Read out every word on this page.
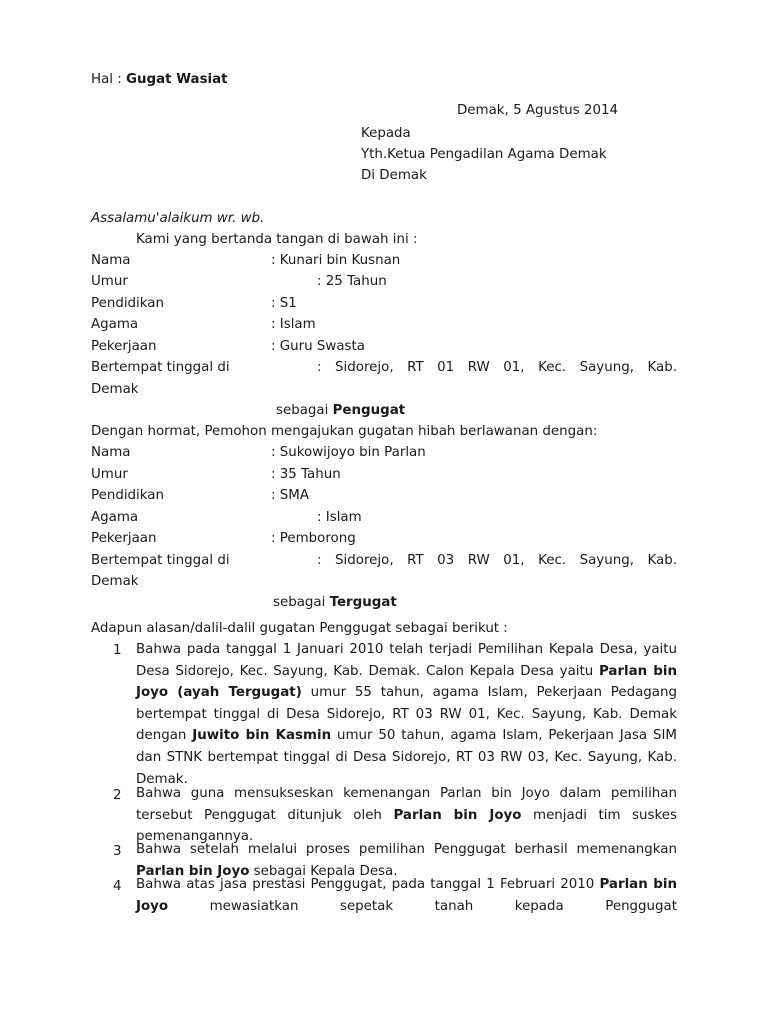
Hal : Gugat Wasiat
Demak, 5 Agustus 2014
Kepada
Yth.Ketua Pengadilan Agama Demak
Di Demak
Assalamu'alaikum wr. wb.
Kami yang bertanda tangan di bawah ini :
Nama	: Kunari bin Kusnan
Umur	: 25 Tahun
Pendidikan	: S1
Agama	: Islam
Pekerjaan	: Guru Swasta
Bertempat tinggal di	: Sidorejo, RT 01 RW 01, Kec. Sayung, Kab.
Demak
sebagai Pengugat
Dengan hormat, Pemohon mengajukan gugatan hibah berlawanan dengan:
Nama	: Sukowijoyo bin Parlan
Umur	: 35 Tahun
Pendidikan	: SMA
Agama	: Islam
Pekerjaan	: Pemborong
Bertempat tinggal di	: Sidorejo, RT 03 RW 01, Kec. Sayung, Kab.
Demak
sebagai Tergugat
Adapun alasan/dalil-dalil gugatan Penggugat sebagai berikut :
1	Bahwa pada tanggal 1 Januari 2010 telah terjadi Pemilihan Kepala Desa, yaitu Desa Sidorejo, Kec. Sayung, Kab. Demak. Calon Kepala Desa yaitu Parlan bin Joyo (ayah Tergugat) umur 55 tahun, agama Islam, Pekerjaan Pedagang bertempat tinggal di Desa Sidorejo, RT 03 RW 01, Kec. Sayung, Kab. Demak dengan Juwito bin Kasmin umur 50 tahun, agama Islam, Pekerjaan Jasa SIM dan STNK bertempat tinggal di Desa Sidorejo, RT 03 RW 03, Kec. Sayung, Kab. Demak.
2	Bahwa guna mensukseskan kemenangan Parlan bin Joyo dalam pemilihan tersebut Penggugat ditunjuk oleh Parlan bin Joyo menjadi tim suskes pemenangannya.
3	Bahwa setelah melalui proses pemilihan Penggugat berhasil memenangkan Parlan bin Joyo sebagai Kepala Desa.
4	Bahwa atas jasa prestasi Penggugat, pada tanggal 1 Februari 2010 Parlan bin Joyo mewasiatkan sepetak tanah kepada Penggugat
